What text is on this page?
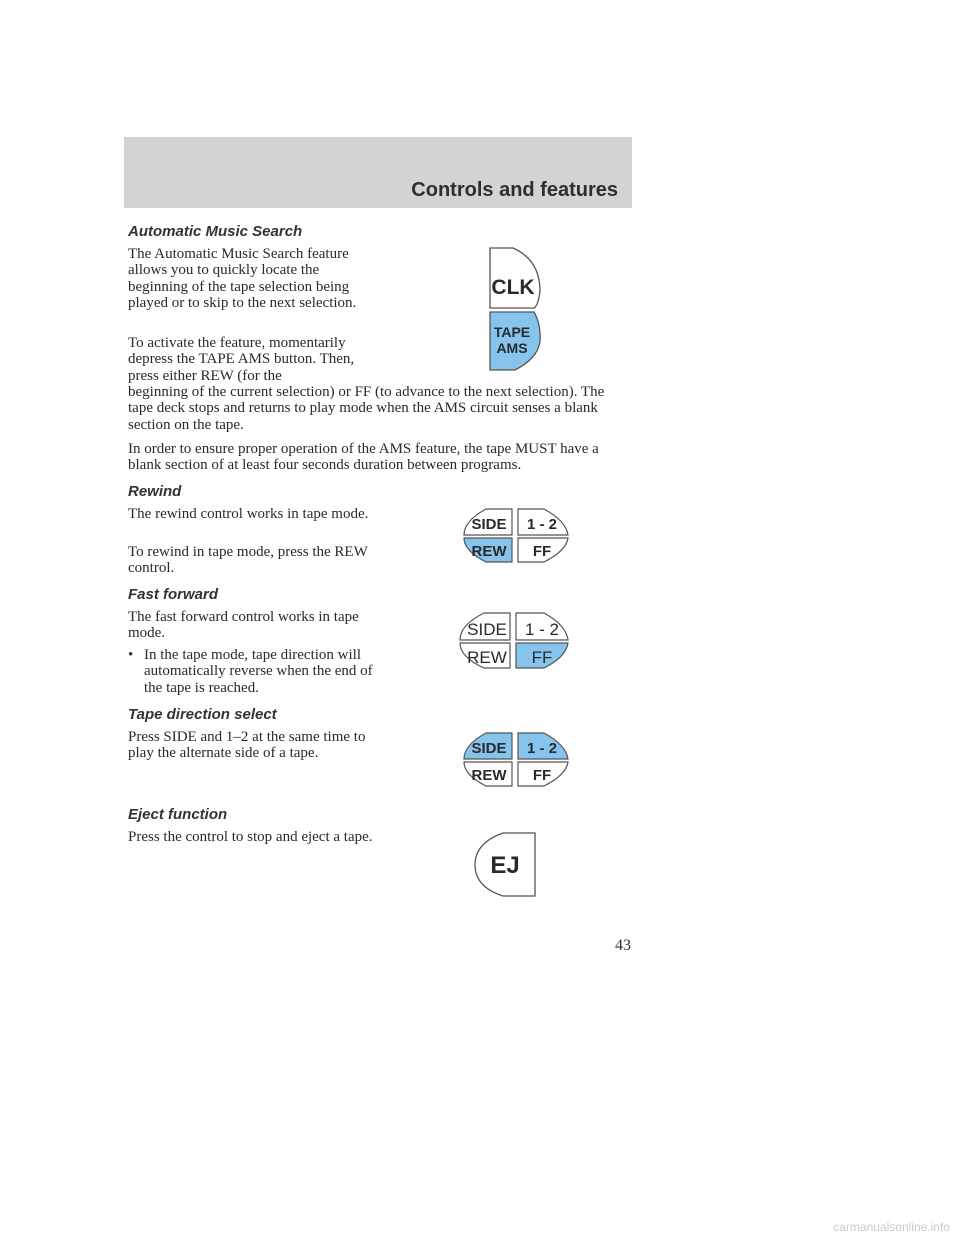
Controls and features
Automatic Music Search

The Automatic Music Search feature allows you to quickly locate the beginning of the tape selection being played or to skip to the next selection.

To activate the feature, momentarily depress the TAPE AMS button. Then, press either REW (for the

beginning of the current selection) or FF (to advance to the next selection). The tape deck stops and returns to play mode when the AMS circuit senses a blank section on the tape.

In order to ensure proper operation of the AMS feature, the tape MUST have a blank section of at least four seconds duration between programs.

CLK
TAPE
AMS
Rewind

The rewind control works in tape mode.

To rewind in tape mode, press the REW control.

SIDE
REW
1 - 2
FF
Fast forward

The fast forward control works in tape mode.

• In the tape mode, tape direction will automatically reverse when the end of the tape is reached.
SIDE
REW
1 - 2
FF
Tape direction select

Press SIDE and 1–2 at the same time to play the alternate side of a tape.	SIDE
REW
1 - 2
FF
Eject function

Press the control to stop and eject a tape.

EJ
43
carmanualsonline.info
